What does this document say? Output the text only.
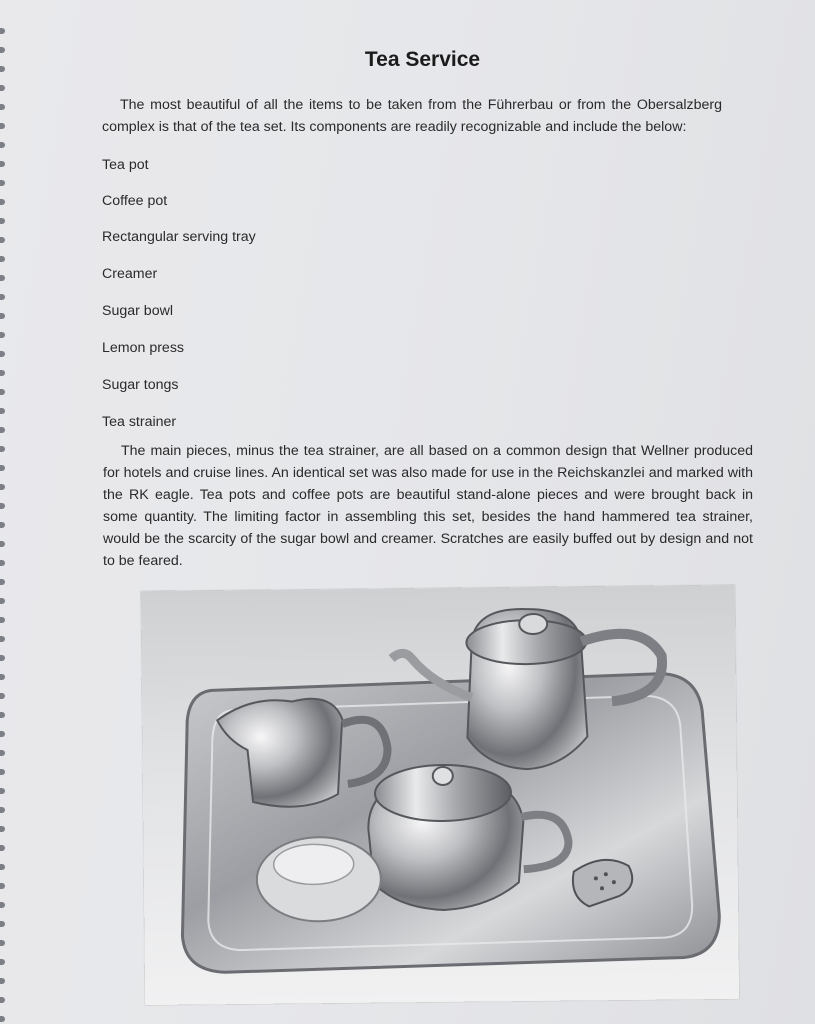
Tea Service
The most beautiful of all the items to be taken from the Führerbau or from the Obersalzberg complex is that of the tea set. Its components are readily recognizable and include the below:
Tea pot
Coffee pot
Rectangular serving tray
Creamer
Sugar bowl
Lemon press
Sugar tongs
Tea strainer
The main pieces, minus the tea strainer, are all based on a common design that Wellner produced for hotels and cruise lines. An identical set was also made for use in the Reichskanzlei and marked with the RK eagle. Tea pots and coffee pots are beautiful stand-alone pieces and were brought back in some quantity. The limiting factor in assembling this set, besides the hand hammered tea strainer, would be the scarcity of the sugar bowl and creamer. Scratches are easily buffed out by design and not to be feared.
